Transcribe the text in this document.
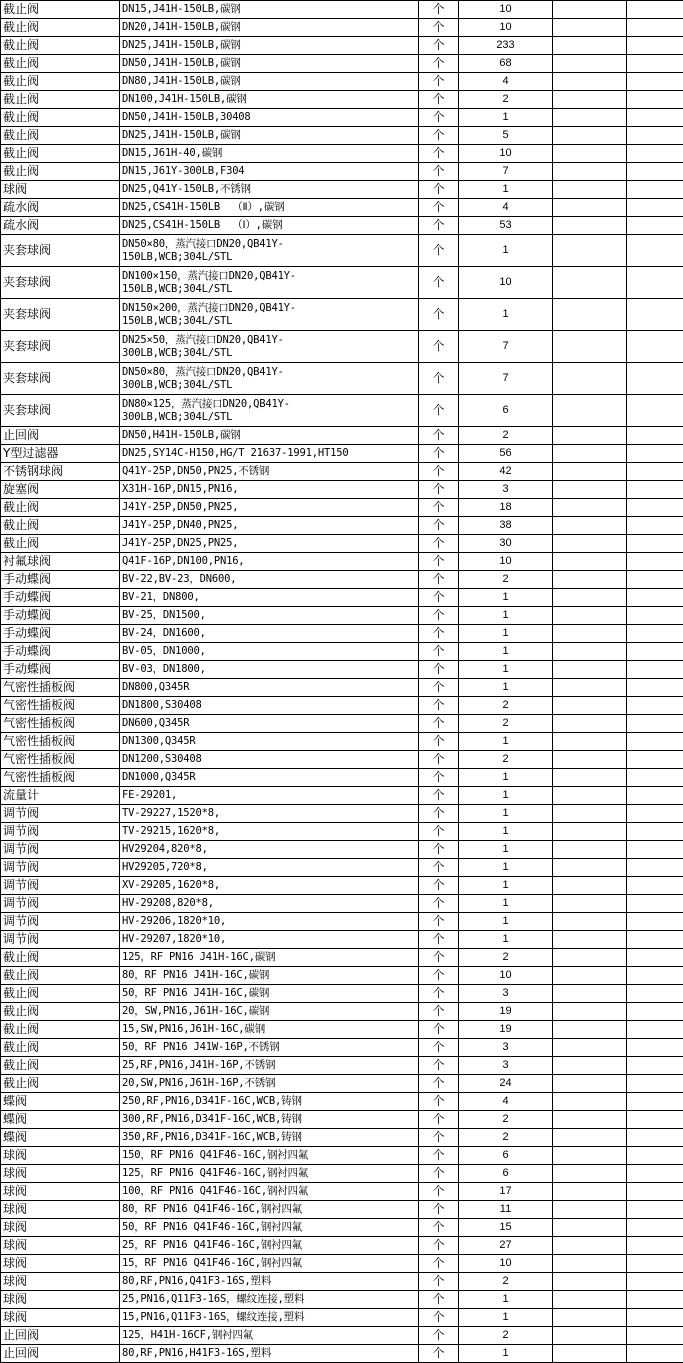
截止阀	DN15,J41H-150LB,碳钢	个	10		
截止阀	DN20,J41H-150LB,碳钢	个	10		
截止阀	DN25,J41H-150LB,碳钢	个	233		
截止阀	DN50,J41H-150LB,碳钢	个	68		
截止阀	DN80,J41H-150LB,碳钢	个	4		
截止阀	DN100,J41H-150LB,碳钢	个	2		
截止阀	DN50,J41H-150LB,30408	个	1		
截止阀	DN25,J41H-150LB,碳钢	个	5		
截止阀	DN15,J61H-40,碳钢	个	10		
截止阀	DN15,J61Y-300LB,F304	个	7		
球阀	DN25,Q41Y-150LB,不锈钢	个	1		
疏水阀	DN25,CS41H-150LB  （Ⅱ）,碳钢	个	4		
疏水阀	DN25,CS41H-150LB  （Ⅰ）,碳钢	个	53		
夹套球阀	DN50×80，蒸汽接口DN20,QB41Y-
150LB,WCB;304L/STL	个	1		
夹套球阀	DN100×150，蒸汽接口DN20,QB41Y-
150LB,WCB;304L/STL	个	10		
夹套球阀	DN150×200，蒸汽接口DN20,QB41Y-
150LB,WCB;304L/STL	个	1		
夹套球阀	DN25×50，蒸汽接口DN20,QB41Y-
300LB,WCB;304L/STL	个	7		
夹套球阀	DN50×80，蒸汽接口DN20,QB41Y-
300LB,WCB;304L/STL	个	7		
夹套球阀	DN80×125，蒸汽接口DN20,QB41Y-
300LB,WCB;304L/STL	个	6		
止回阀	DN50,H41H-150LB,碳钢	个	2		
Y型过滤器	DN25,SY14C-H150,HG/T 21637-1991,HT150	个	56		
不锈钢球阀	Q41Y-25P,DN50,PN25,不锈钢	个	42		
旋塞阀	X31H-16P,DN15,PN16,	个	3		
截止阀	J41Y-25P,DN50,PN25,	个	18		
截止阀	J41Y-25P,DN40,PN25,	个	38		
截止阀	J41Y-25P,DN25,PN25,	个	30		
衬氟球阀	Q41F-16P,DN100,PN16,	个	10		
手动蝶阀	BV-22,BV-23，DN600,	个	2		
手动蝶阀	BV-21，DN800,	个	1		
手动蝶阀	BV-25，DN1500,	个	1		
手动蝶阀	BV-24，DN1600,	个	1		
手动蝶阀	BV-05，DN1000,	个	1		
手动蝶阀	BV-03，DN1800,	个	1		
气密性插板阀	DN800,Q345R	个	1		
气密性插板阀	DN1800,S30408	个	2		
气密性插板阀	DN600,Q345R	个	2		
气密性插板阀	DN1300,Q345R	个	1		
气密性插板阀	DN1200,S30408	个	2		
气密性插板阀	DN1000,Q345R	个	1		
流量计	FE-29201,	个	1		
调节阀	TV-29227,1520*8,	个	1		
调节阀	TV-29215,1620*8,	个	1		
调节阀	HV29204,820*8,	个	1		
调节阀	HV29205,720*8,	个	1		
调节阀	XV-29205,1620*8,	个	1		
调节阀	HV-29208,820*8,	个	1		
调节阀	HV-29206,1820*10,	个	1		
调节阀	HV-29207,1820*10,	个	1		
截止阀	125，RF PN16 J41H-16C,碳钢	个	2		
截止阀	80，RF PN16 J41H-16C,碳钢	个	10		
截止阀	50，RF PN16 J41H-16C,碳钢	个	3		
截止阀	20，SW,PN16,J61H-16C,碳钢	个	19		
截止阀	15,SW,PN16,J61H-16C,碳钢	个	19		
截止阀	50，RF PN16 J41W-16P,不锈钢	个	3		
截止阀	25,RF,PN16,J41H-16P,不锈钢	个	3		
截止阀	20,SW,PN16,J61H-16P,不锈钢	个	24		
蝶阀	250,RF,PN16,D341F-16C,WCB,铸钢	个	4		
蝶阀	300,RF,PN16,D341F-16C,WCB,铸钢	个	2		
蝶阀	350,RF,PN16,D341F-16C,WCB,铸钢	个	2		
球阀	150，RF PN16 Q41F46-16C,钢衬四氟	个	6		
球阀	125，RF PN16 Q41F46-16C,钢衬四氟	个	6		
球阀	100，RF PN16 Q41F46-16C,钢衬四氟	个	17		
球阀	80，RF PN16 Q41F46-16C,钢衬四氟	个	11		
球阀	50，RF PN16 Q41F46-16C,钢衬四氟	个	15		
球阀	25，RF PN16 Q41F46-16C,钢衬四氟	个	27		
球阀	15，RF PN16 Q41F46-16C,钢衬四氟	个	10		
球阀	80,RF,PN16,Q41F3-16S,塑料	个	2		
球阀	25,PN16,Q11F3-16S，螺纹连接,塑料	个	1		
球阀	15,PN16,Q11F3-16S，螺纹连接,塑料	个	1		
止回阀	125，H41H-16CF,钢衬四氟	个	2		
止回阀	80,RF,PN16,H41F3-16S,塑料	个	1		
